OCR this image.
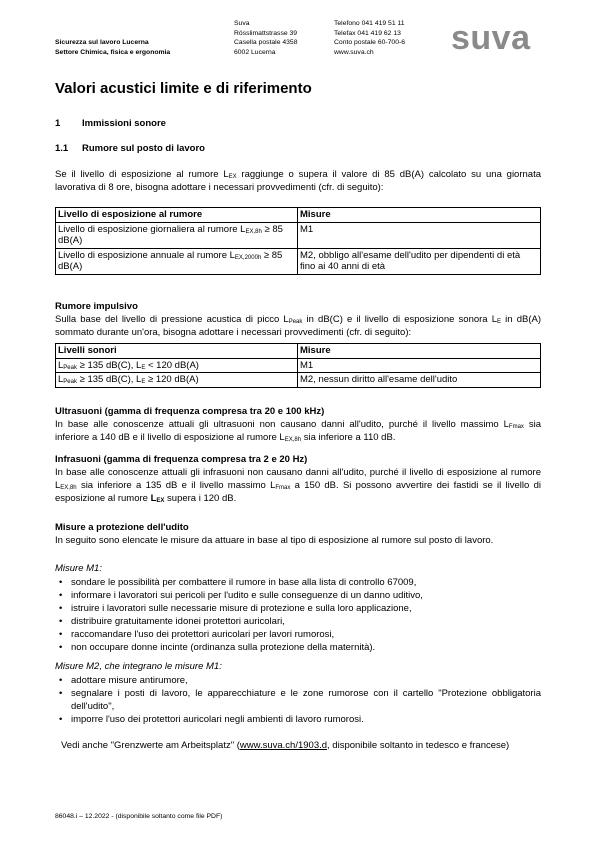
Sicurezza sul lavoro Lucerna
Settore Chimica, fisica e ergonomia
Suva
Rösslimattstrasse 39
Casella postale 4358
6002 Lucerna
Telefono 041 419 51 11
Telefax 041 419 62 13
Conto postale 60-700-6
www.suva.ch	suva
Valori acustici limite e di riferimento
1 Immissioni sonore
1.1 Rumore sul posto di lavoro
Se il livello di esposizione al rumore $L_{EX}$ raggiunge o supera il valore di 85 dB(A) calcolato su una giornata lavorativa di 8 ore, bisogna adottare i necessari provvedimenti (cfr. di seguito):
Livello di esposizione al rumore	Misure
Livello di esposizione giornaliera al rumore $L_{EX,8h} \ge 85$ dB(A)	M1
Livello di esposizione annuale al rumore $L_{EX,2000h} \ge 85$ dB(A)	M2, obbligo all'esame dell'udito per dipendenti di età fino ai 40 anni di età
Rumore impulsivo
Sulla base del livello di pressione acustica di picco $L_{Peak}$ in dB(C) e il livello di esposizione sonora $L_E$ in dB(A) sommato durante un'ora, bisogna adottare i necessari provvedimenti (cfr. di seguito):
Livelli sonori	Misure
$L_{Peak} \ge 135$ dB(C), $L_E < 120$ dB(A)	M1
$L_{Peak} \ge 135$ dB(C), $L_E \ge 120$ dB(A)	M2, nessun diritto all'esame dell'udito
Ultrasuoni (gamma di frequenza compresa tra 20 e 100 kHz)
In base alle conoscenze attuali gli ultrasuoni non causano danni all'udito, purché il livello massimo $L_{Fmax}$ sia inferiore a 140 dB e il livello di esposizione al rumore $L_{EX,8h}$ sia inferiore a 110 dB.
Infrasuoni (gamma di frequenza compresa tra 2 e 20 Hz)
In base alle conoscenze attuali gli infrasuoni non causano danni all'udito, purché il livello di esposizione al rumore $L_{EX,8h}$ sia inferiore a 135 dB e il livello massimo $L_{Fmax}$ a 150 dB. Si possono avvertire dei fastidi se il livello di esposizione al rumore $L_{EX}$ supera i 120 dB.
Misure a protezione dell'udito
In seguito sono elencate le misure da attuare in base al tipo di esposizione al rumore sul posto di lavoro.
Misure M1:
• sondare le possibilità per combattere il rumore in base alla lista di controllo 67009,
• informare i lavoratori sui pericoli per l'udito e sulle conseguenze di un danno uditivo,
• istruire i lavoratori sulle necessarie misure di protezione e sulla loro applicazione,
• distribuire gratuitamente idonei protettori auricolari,
• raccomandare l'uso dei protettori auricolari per lavori rumorosi,
• non occupare donne incinte (ordinanza sulla protezione della maternità).
Misure M2, che integrano le misure M1:
• adottare misure antirumore,
• segnalare i posti di lavoro, le apparecchiature e le zone rumorose con il cartello "Protezione obbligatoria dell'udito",
• imporre l'uso dei protettori auricolari negli ambienti di lavoro rumorosi.
Vedi anche "Grenzwerte am Arbeitsplatz" (www.suva.ch/1903.d, disponibile soltanto in tedesco e francese)
86048.i – 12.2022 - (disponibile soltanto come file PDF)
